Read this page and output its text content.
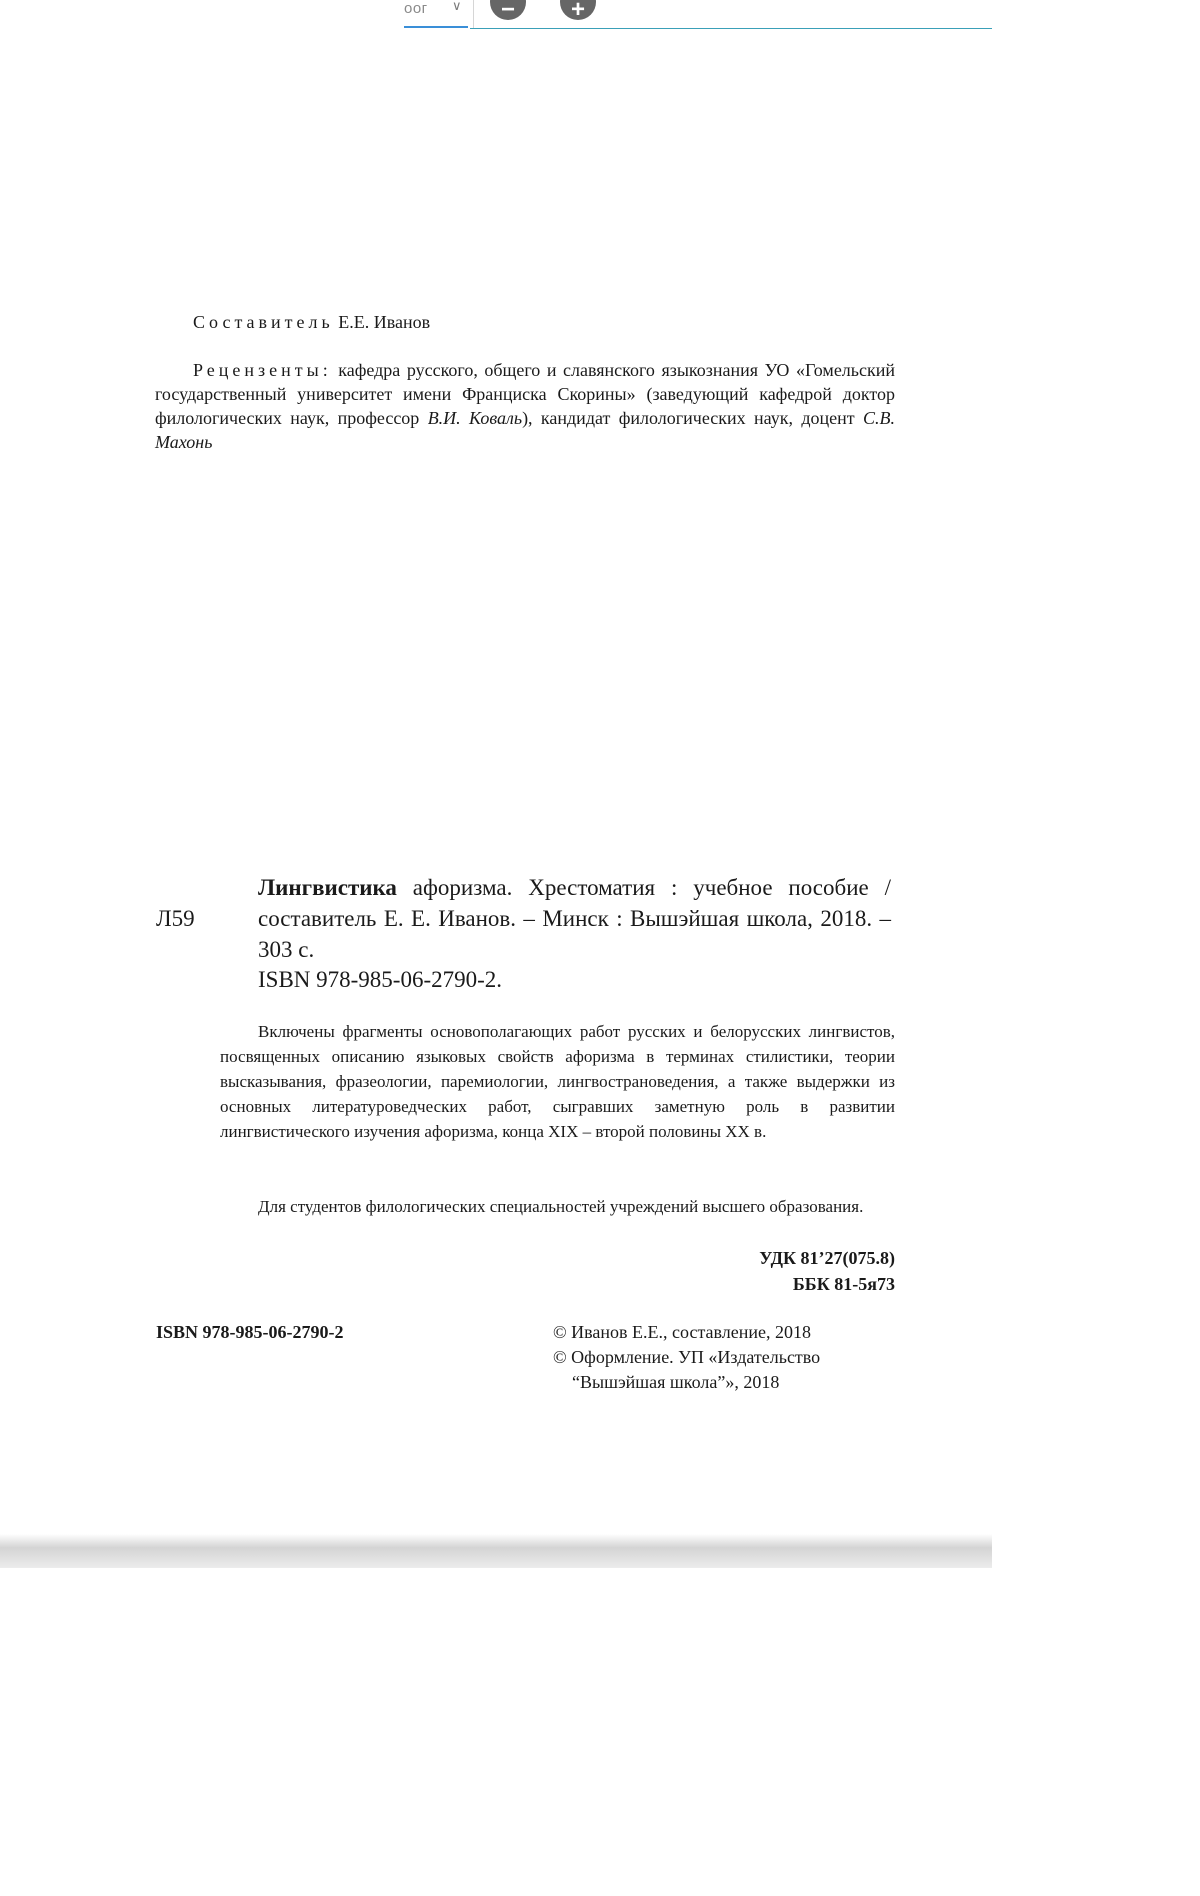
оог ∨	−	+
Составитель Е.Е. Иванов
Рецензенты: кафедра русского, общего и славянского языкознания УО «Гомельский государственный университет имени Франциска Скорины» (заведующий кафедрой доктор филологических наук, профессор В.И. Коваль), кандидат филологических наук, доцент С.В. Махонь
Л59
Лингвистика афоризма. Хрестоматия : учебное пособие / составитель Е. Е. Иванов. – Минск : Вышэйшая школа, 2018. – 303 с.
ISBN 978-985-06-2790-2.
Включены фрагменты основополагающих работ русских и белорусских лингвистов, посвященных описанию языковых свойств афоризма в терминах стилистики, теории высказывания, фразеологии, паремиологии, лингвострановедения, а также выдержки из основных литературоведческих работ, сыгравших заметную роль в развитии лингвистического изучения афоризма, конца XIX – второй половины XX в.
Для студентов филологических специальностей учреждений высшего образования.
УДК 81’27(075.8)
ББК 81-5я73
ISBN 978-985-06-2790-2	© Иванов Е.Е., составление, 2018
© Оформление. УП «Издательство
“Вышэйшая школа”», 2018
